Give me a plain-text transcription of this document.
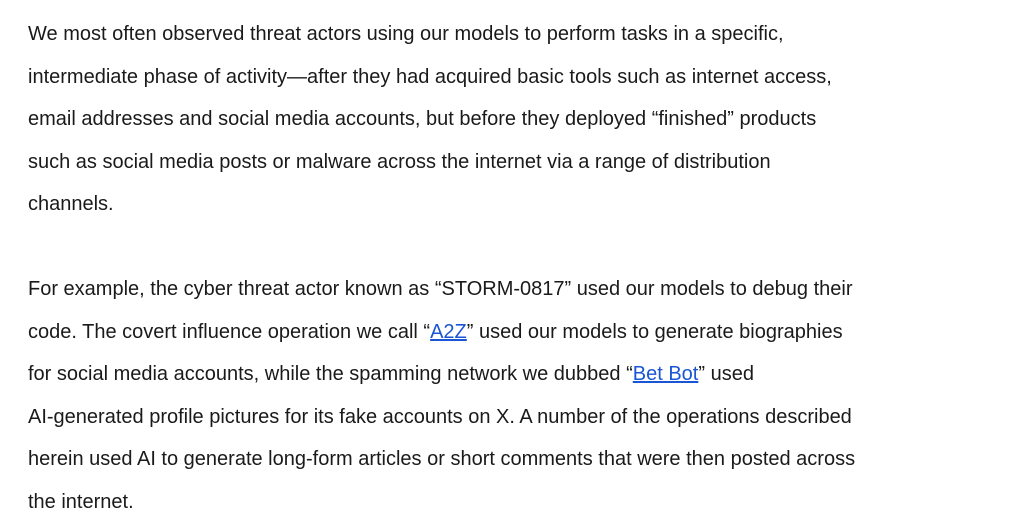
We most often observed threat actors using our models to perform tasks in a specific,
intermediate phase of activity—after they had acquired basic tools such as internet access,
email addresses and social media accounts, but before they deployed “finished” products
such as social media posts or malware across the internet via a range of distribution
channels.

For example, the cyber threat actor known as “STORM-0817” used our models to debug their
code. The covert influence operation we call “A2Z” used our models to generate biographies
for social media accounts, while the spamming network we dubbed “Bet Bot” used
AI-generated profile pictures for its fake accounts on X. A number of the operations described
herein used AI to generate long-form articles or short comments that were then posted across
the internet.
